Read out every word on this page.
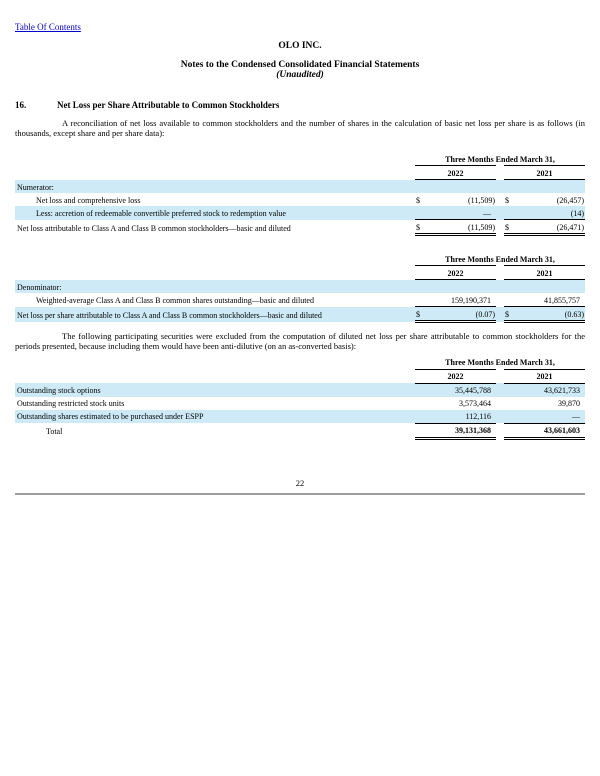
Table Of Contents
OLO INC.
Notes to the Condensed Consolidated Financial Statements
(Unaudited)
16.	Net Loss per Share Attributable to Common Stockholders

A reconciliation of net loss available to common stockholders and the number of shares in the calculation of basic net loss per share is as follows (in thousands, except share and per share data):

	Three Months Ended March 31,				
	2022			2021	
Numerator:					
Net loss and comprehensive loss	$	(11,509)		$	(26,457)
Less: accretion of redeemable convertible preferred stock to redemption value		—			(14)
Net loss attributable to Class A and Class B common stockholders—basic and diluted	$	(11,509)		$	(26,471)
	Three Months Ended March 31,				
	2022			2021	
Denominator:					
Weighted-average Class A and Class B common shares outstanding—basic and diluted		159,190,371			41,855,757
Net loss per share attributable to Class A and Class B common stockholders—basic and diluted	$	(0.07)		$	(0.63)

The following participating securities were excluded from the computation of diluted net loss per share attributable to common stockholders for the periods presented, because including them would have been anti-dilutive (on an as-converted basis):

	Three Months Ended March 31,				
	2022			2021	
Outstanding stock options		35,445,788			43,621,733
Outstanding restricted stock units		3,573,464			39,870
Outstanding shares estimated to be purchased under ESPP		112,116			—
Total		39,131,368			43,661,603
22
